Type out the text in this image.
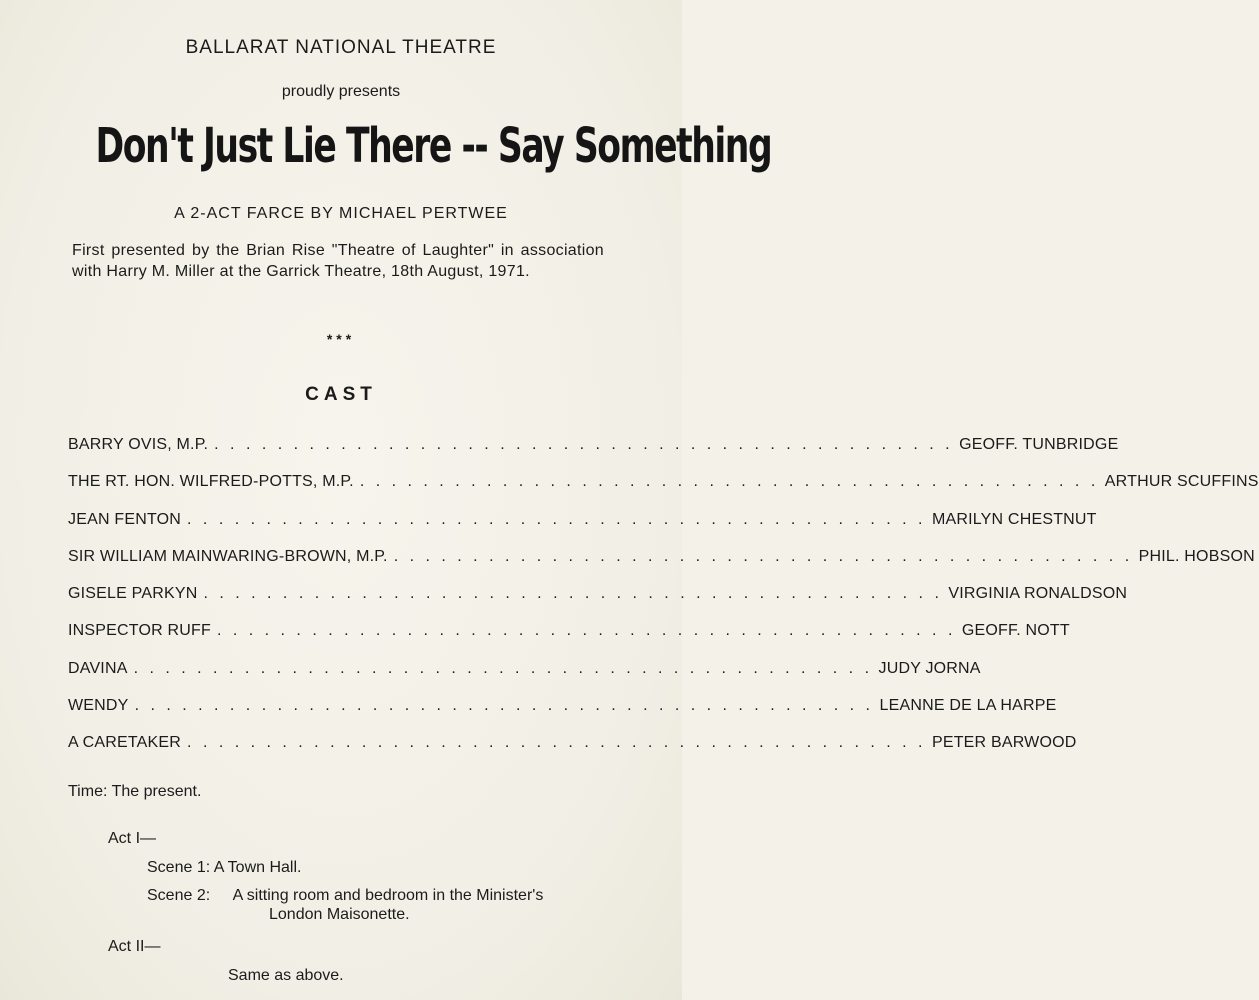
BALLARAT NATIONAL THEATRE
proudly presents
Don't Just Lie There -- Say Something
A 2-ACT FARCE BY MICHAEL PERTWEE
First presented by the Brian Rise "Theatre of Laughter" in association with Harry M. Miller at the Garrick Theatre, 18th August, 1971.
***
CAST
BARRY OVIS, M.P. . . .	GEOFF. TUNBRIDGE
THE RT. HON. WILFRED-POTTS, M.P. . . .	ARTHUR SCUFFINS
JEAN FENTON . . .	MARILYN CHESTNUT
SIR WILLIAM MAINWARING-BROWN, M.P. . . .	PHIL. HOBSON
GISELE PARKYN . . .	VIRGINIA RONALDSON
INSPECTOR RUFF . . .	GEOFF. NOTT
DAVINA . . .	JUDY JORNA
WENDY . . .	LEANNE DE LA HARPE
A CARETAKER . . .	PETER BARWOOD
Time: The present.
Act I—
Scene 1: A Town Hall.
Scene 2: A sitting room and bedroom in the Minister's
London Maisonette.
Act II—
Same as above.
